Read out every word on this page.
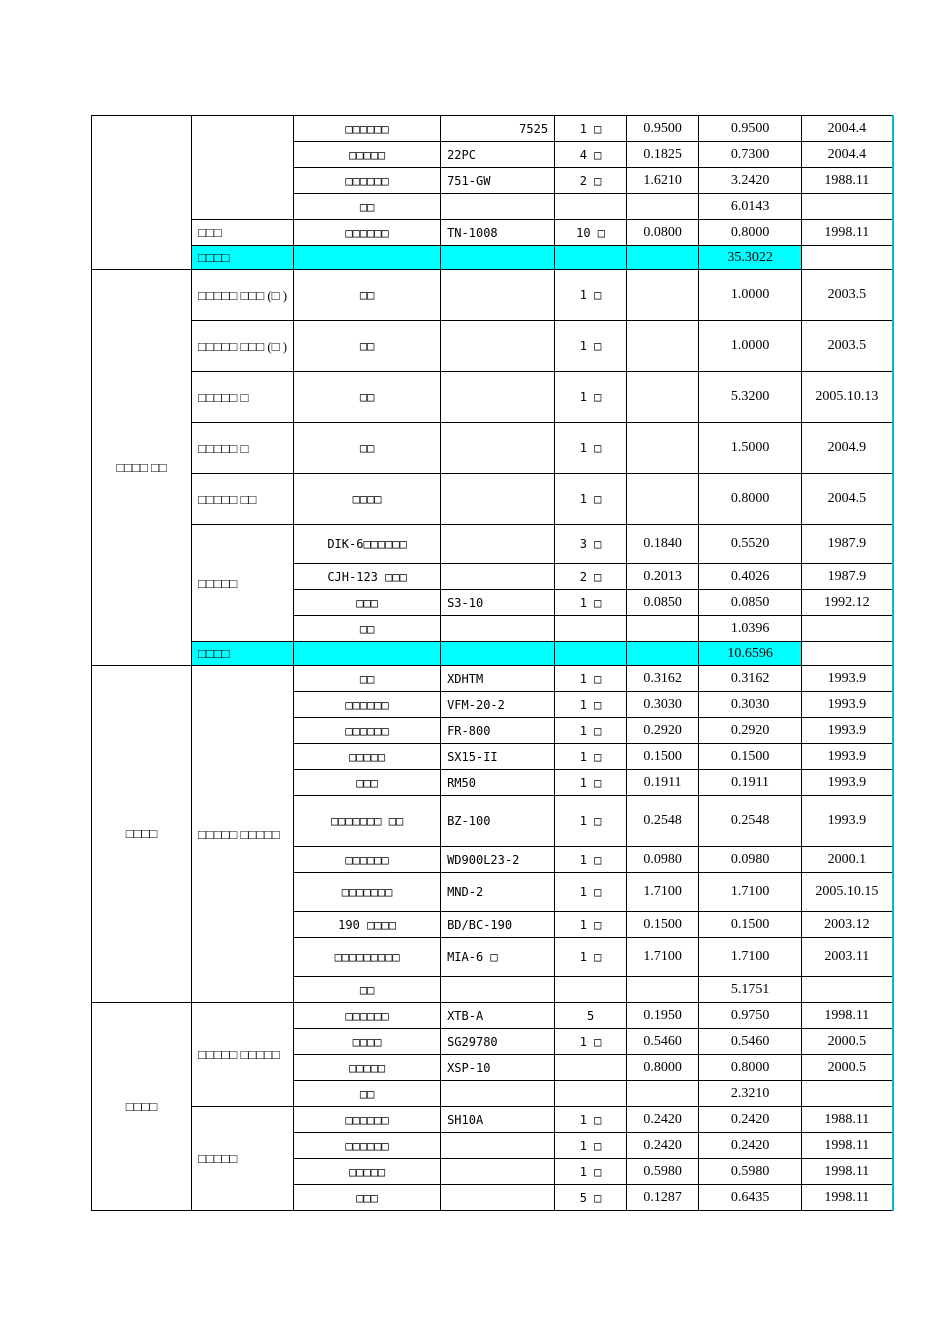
		□□□□□□	7525	1 □	0.9500	0.9500	2004.4
		□□□□□	22PC	4 □	0.1825	0.7300	2004.4
		□□□□□□	751-GW	2 □	1.6210	3.2420	1988.11
		□□				6.0143	
	□□□	□□□□□□	TN-1008	10 □	0.0800	0.8000	1998.11
	□□□□					35.3022	
□□□□ □□	□□□□□ □□□ (□ )	□□		1 □		1.0000	2003.5
	□□□□□ □□□ (□ )	□□		1 □		1.0000	2003.5
	□□□□□ □	□□		1 □		5.3200	2005.10.13
	□□□□□ □	□□		1 □		1.5000	2004.9
	□□□□□ □□	□□□□		1 □		0.8000	2004.5
	□□□□□	DIK-6□□□□□□		3 □	0.1840	0.5520	1987.9
		CJH-123 □□□		2 □	0.2013	0.4026	1987.9
		□□□	S3-10	1 □	0.0850	0.0850	1992.12
		□□				1.0396	
	□□□□					10.6596	
□□□□	□□□□□ □□□□□	□□	XDHTM	1 □	0.3162	0.3162	1993.9
		□□□□□□	VFM-20-2	1 □	0.3030	0.3030	1993.9
		□□□□□□	FR-800	1 □	0.2920	0.2920	1993.9
		□□□□□	SX15-II	1 □	0.1500	0.1500	1993.9
		□□□	RM50	1 □	0.1911	0.1911	1993.9
		□□□□□□□ □□	BZ-100	1 □	0.2548	0.2548	1993.9
		□□□□□□	WD900L23-2	1 □	0.0980	0.0980	2000.1
		□□□□□□□	MND-2	1 □	1.7100	1.7100	2005.10.15
		190 □□□□	BD/BC-190	1 □	0.1500	0.1500	2003.12
		□□□□□□□□□	MIA-6 □	1 □	1.7100	1.7100	2003.11
		□□				5.1751	
□□□□	□□□□□ □□□□□	□□□□□□	XTB-A	5	0.1950	0.9750	1998.11
		□□□□	SG29780	1 □	0.5460	0.5460	2000.5
		□□□□□	XSP-10		0.8000	0.8000	2000.5
		□□				2.3210	
	□□□□□	□□□□□□	SH10A	1 □	0.2420	0.2420	1988.11
		□□□□□□		1 □	0.2420	0.2420	1998.11
		□□□□□		1 □	0.5980	0.5980	1998.11
		□□□		5 □	0.1287	0.6435	1998.11
